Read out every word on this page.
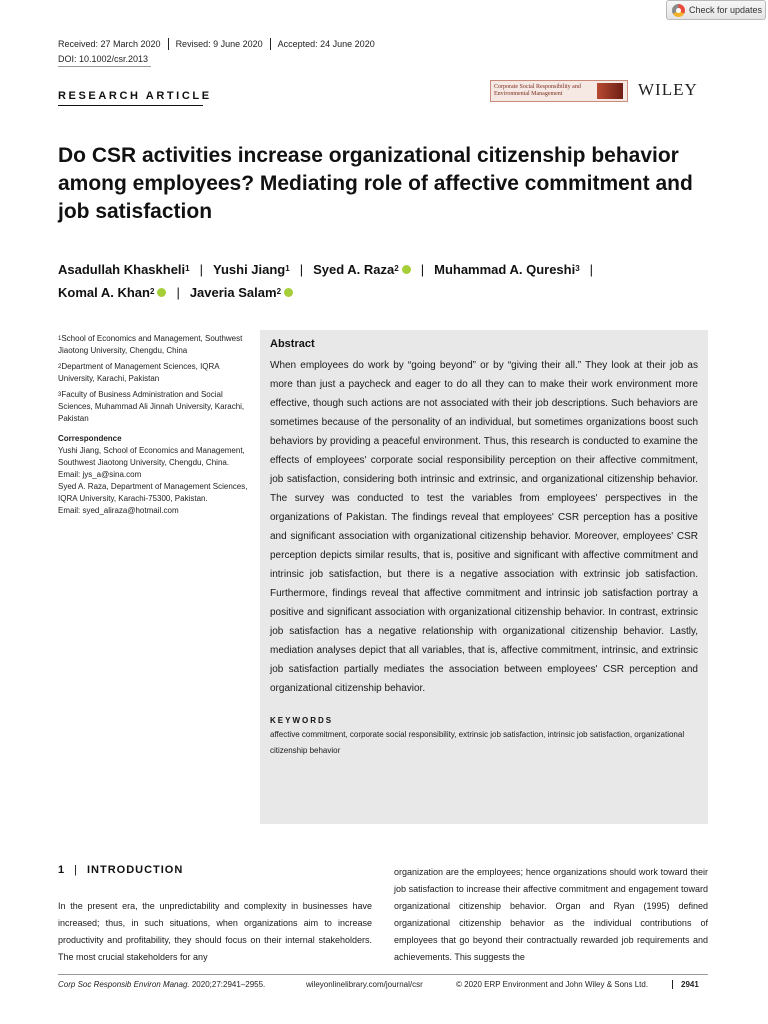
Check for updates
Received: 27 March 2020	Revised: 9 June 2020	Accepted: 24 June 2020
DOI: 10.1002/csr.2013
RESEARCH ARTICLE
Corporate Social Responsibility and Environmental Management	WILEY
Do CSR activities increase organizational citizenship behavior among employees? Mediating role of affective commitment and job satisfaction
Asadullah Khaskheli$^1$ | Yushi Jiang$^1$ | Syed A. Raza$^2$ | Muhammad A. Qureshi$^3$ |
Komal A. Khan$^2$ | Javeria Salam$^2$

$^1$School of Economics and Management, Southwest Jiaotong University, Chengdu, China

$^2$Department of Management Sciences, IQRA University, Karachi, Pakistan

$^3$Faculty of Business Administration and Social Sciences, Muhammad Ali Jinnah University, Karachi, Pakistan

Correspondence

Yushi Jiang, School of Economics and Management, Southwest Jiaotong University, Chengdu, China.

Email: jys_a@sina.com

Syed A. Raza, Department of Management Sciences, IQRA University, Karachi-75300, Pakistan.

Email: syed_aliraza@hotmail.com

Abstract

When employees do work by “going beyond” or by “giving their all.” They look at their job as more than just a paycheck and eager to do all they can to make their work environment more effective, though such actions are not associated with their job descriptions. Such behaviors are sometimes because of the personality of an individual, but sometimes organizations boost such behaviors by providing a peaceful environment. Thus, this research is conducted to examine the effects of employees' corporate social responsibility perception on their affective commitment, job satisfaction, considering both intrinsic and extrinsic, and organizational citizenship behavior. The survey was conducted to test the variables from employees' perspectives in the organizations of Pakistan. The findings reveal that employees' CSR perception has a positive and significant association with organizational citizenship behavior. Moreover, employees' CSR perception depicts similar results, that is, positive and significant with affective commitment and intrinsic job satisfaction, but there is a negative association with extrinsic job satisfaction. Furthermore, findings reveal that affective commitment and intrinsic job satisfaction portray a positive and significant association with organizational citizenship behavior. In contrast, extrinsic job satisfaction has a negative relationship with organizational citizenship behavior. Lastly, mediation analyses depict that all variables, that is, affective commitment, intrinsic, and extrinsic job satisfaction partially mediates the association between employees' CSR perception and organizational citizenship behavior.

KEYWORDS

affective commitment, corporate social responsibility, extrinsic job satisfaction, intrinsic job satisfaction, organizational citizenship behavior

1 | INTRODUCTION

In the present era, the unpredictability and complexity in businesses have increased; thus, in such situations, when organizations aim to increase productivity and profitability, they should focus on their internal stakeholders. The most crucial stakeholders for any

organization are the employees; hence organizations should work toward their job satisfaction to increase their affective commitment and engagement toward organizational citizenship behavior. Organ and Ryan (1995) defined organizational citizenship behavior as the individual contributions of employees that go beyond their contractually rewarded job requirements and achievements. This suggests the

Corp Soc Responsib Environ Manag. 2020;27:2941–2955.	wileyonlinelibrary.com/journal/csr	© 2020 ERP Environment and John Wiley & Sons Ltd.	2941
